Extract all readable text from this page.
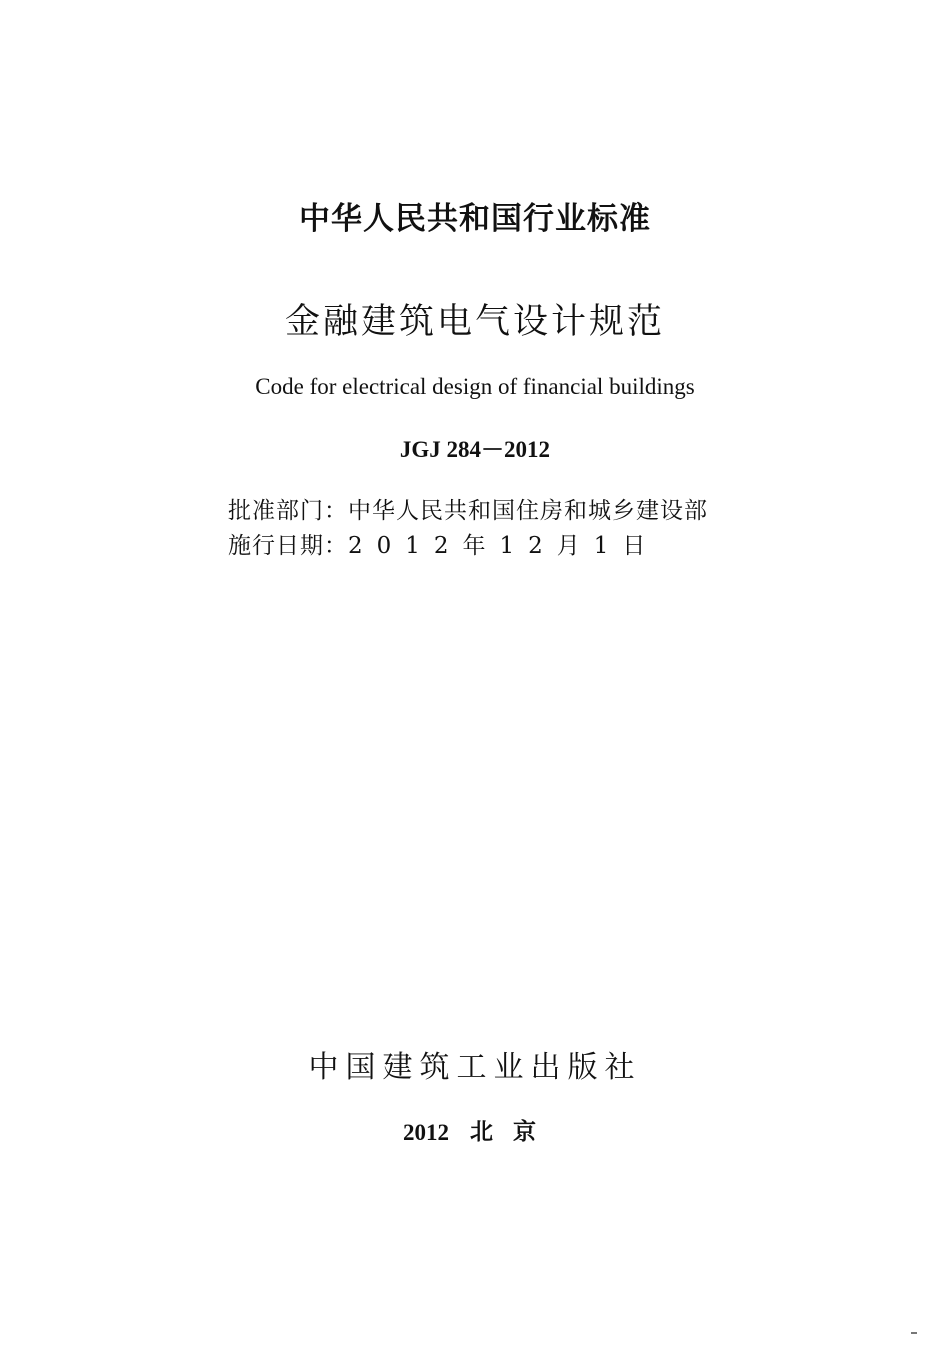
中华人民共和国行业标准
金融建筑电气设计规范
Code for electrical design of financial buildings
JGJ 284－2012
批准部门：中华人民共和国住房和城乡建设部
施行日期：2012年12月1日
中国建筑工业出版社
2012 北京
